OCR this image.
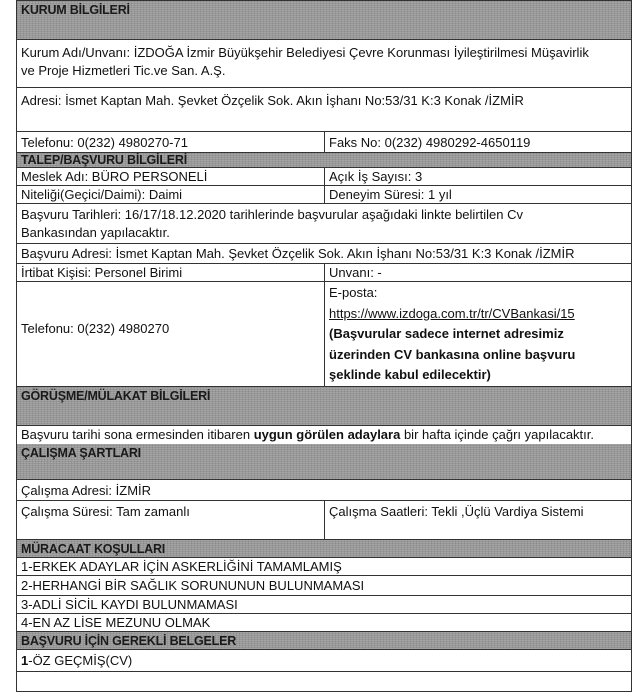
KURUM BİLGİLERİ
Kurum Adı/Unvanı: İZDOĞA İzmir Büyükşehir Belediyesi Çevre Korunması İyileştirilmesi Müşavirlik
ve Proje Hizmetleri Tic.ve San. A.Ş.
Adresi: İsmet Kaptan Mah. Şevket Özçelik Sok. Akın İşhanı No:53/31 K:3 Konak /İZMİR
Telefonu: 0(232) 4980270-71	Faks No: 0(232) 4980292-4650119
TALEP/BAŞVURU BİLGİLERİ
Meslek Adı: BÜRO PERSONELİ	Açık İş Sayısı: 3
Niteliği(Geçici/Daimi): Daimi	Deneyim Süresi: 1 yıl
Başvuru Tarihleri: 16/17/18.12.2020 tarihlerinde başvurular aşağıdaki linkte belirtilen Cv
Bankasından yapılacaktır.
Başvuru Adresi: İsmet Kaptan Mah. Şevket Özçelik Sok. Akın İşhanı No:53/31 K:3 Konak /İZMİR
İrtibat Kişisi: Personel Birimi	Unvanı: -
Telefonu: 0(232) 4980270
E-posta:
https://www.izdoga.com.tr/tr/CVBankasi/15
(Başvurular sadece internet adresimiz
üzerinden CV bankasına online başvuru
şeklinde kabul edilecektir)
GÖRÜŞME/MÜLAKAT BİLGİLERİ
Başvuru tarihi sona ermesinden itibaren uygun görülen adaylara bir hafta içinde çağrı yapılacaktır.
ÇALIŞMA ŞARTLARI
Çalışma Adresi: İZMİR
Çalışma Süresi: Tam zamanlı	Çalışma Saatleri: Tekli ,Üçlü Vardiya Sistemi
MÜRACAAT KOŞULLARI
1-ERKEK ADAYLAR İÇİN ASKERLİĞİNİ TAMAMLAMIŞ
2-HERHANGİ BİR SAĞLIK SORUNUNUN BULUNMAMASI
3-ADLİ SİCİL KAYDI BULUNMAMASI
4-EN AZ LİSE MEZUNU OLMAK
BAŞVURU İÇİN GEREKLİ BELGELER
1-ÖZ GEÇMİŞ(CV)
